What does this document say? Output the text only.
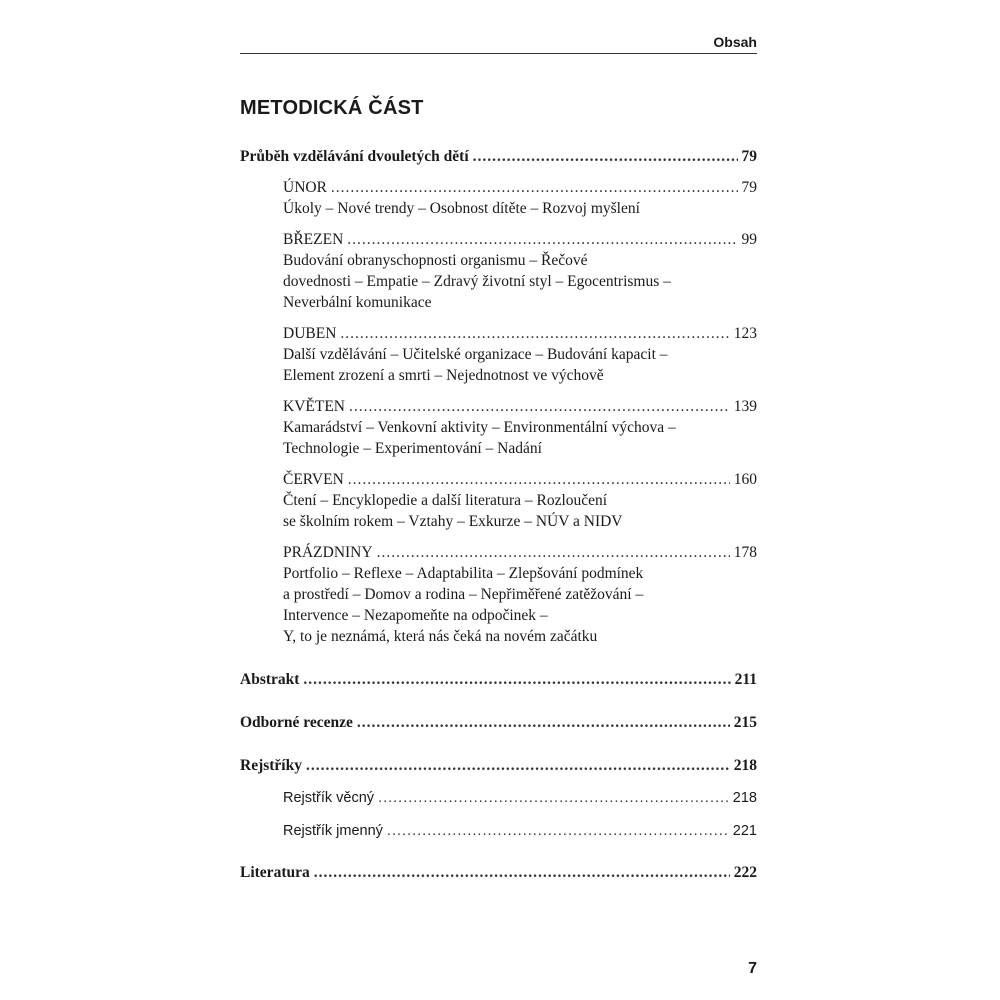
Obsah
METODICKÁ ČÁST
Průběh vzdělávání dvouletých dětí .....	79
ÚNOR .....	79
Úkoly – Nové trendy – Osobnost dítěte – Rozvoj myšlení
BŘEZEN .....	99
Budování obranyschopnosti organismu – Řečové
dovednosti – Empatie – Zdravý životní styl – Egocentrismus –
Neverbální komunikace
DUBEN .....	123
Další vzdělávání – Učitelské organizace – Budování kapacit –
Element zrození a smrti – Nejednotnost ve výchově
KVĚTEN .....	139
Kamarádství – Venkovní aktivity – Environmentální výchova –
Technologie – Experimentování – Nadání
ČERVEN .....	160
Čtení – Encyklopedie a další literatura – Rozloučení
se školním rokem – Vztahy – Exkurze – NÚV a NIDV
PRÁZDNINY .....	178
Portfolio – Reflexe – Adaptabilita – Zlepšování podmínek
a prostředí – Domov a rodina – Nepřiměřené zatěžování –
Intervence – Nezapomeňte na odpočinek –
Y, to je neznámá, která nás čeká na novém začátku
Abstrakt .....	211
Odborné recenze .....	215
Rejstříky .....	218
Rejstřík věcný .....	218
Rejstřík jmenný .....	221
Literatura .....	222
7
